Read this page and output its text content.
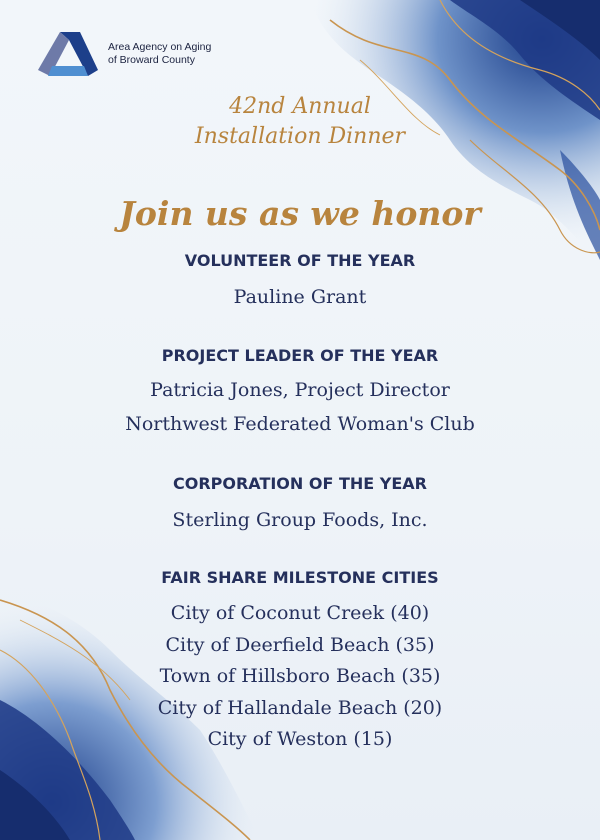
Area Agency on Aging
of Broward County
42nd Annual
Installation Dinner
Join us as we honor
VOLUNTEER OF THE YEAR
Pauline Grant
PROJECT LEADER OF THE YEAR
Patricia Jones, Project Director
Northwest Federated Woman's Club
CORPORATION OF THE YEAR
Sterling Group Foods, Inc.
FAIR SHARE MILESTONE CITIES
City of Coconut Creek (40)
City of Deerfield Beach (35)
Town of Hillsboro Beach (35)
City of Hallandale Beach (20)
City of Weston (15)
